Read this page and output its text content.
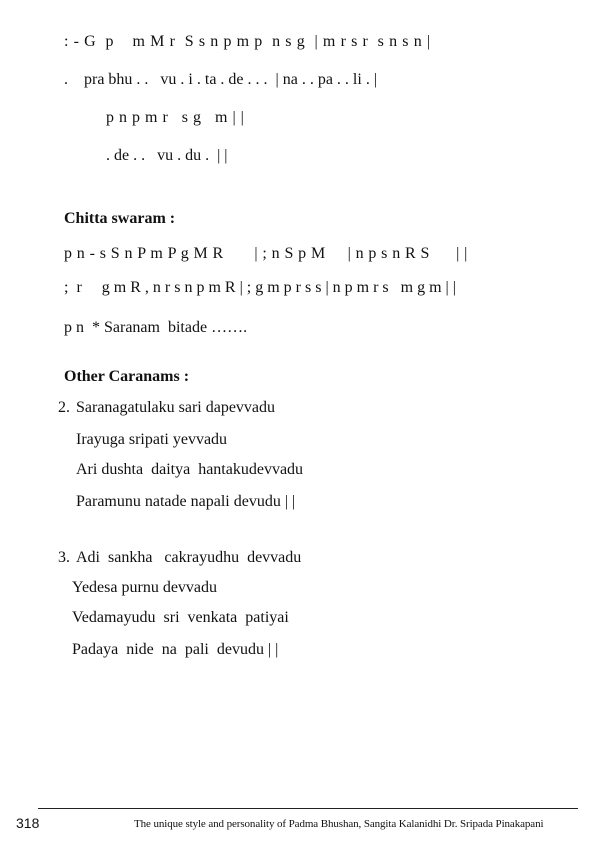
: - G  p    m M r  S s n p m p  n s g  | m r s r  s n s n |
.    pra bhu . .   vu . i . ta . de . . .  | na . . pa . . li . |
p n p m r   s g   m | |
. de . .   vu . du .  | |
Chitta swaram :
p n - s S n P m P g M R       | ; n S p M     | n p s n R S      | |
;  r     g m R , n r s n p m R | ; g m p r s s | n p m r s   m g m | |
p n  * Saranam  bitade …….
Other Caranams :
2. Saranagatulaku sari dapevvadu
Irayuga sripati yevvadu
Ari dushta  daitya  hantakudevvadu
Paramunu natade napali devudu | |
3. Adi  sankha   cakrayudhu  devvadu
Yedesa purnu devvadu
Vedamayudu  sri  venkata  patiyai
Padaya  nide  na  pali  devudu | |
318	The unique style and personality of Padma Bhushan, Sangita Kalanidhi Dr. Sripada Pinakapani
